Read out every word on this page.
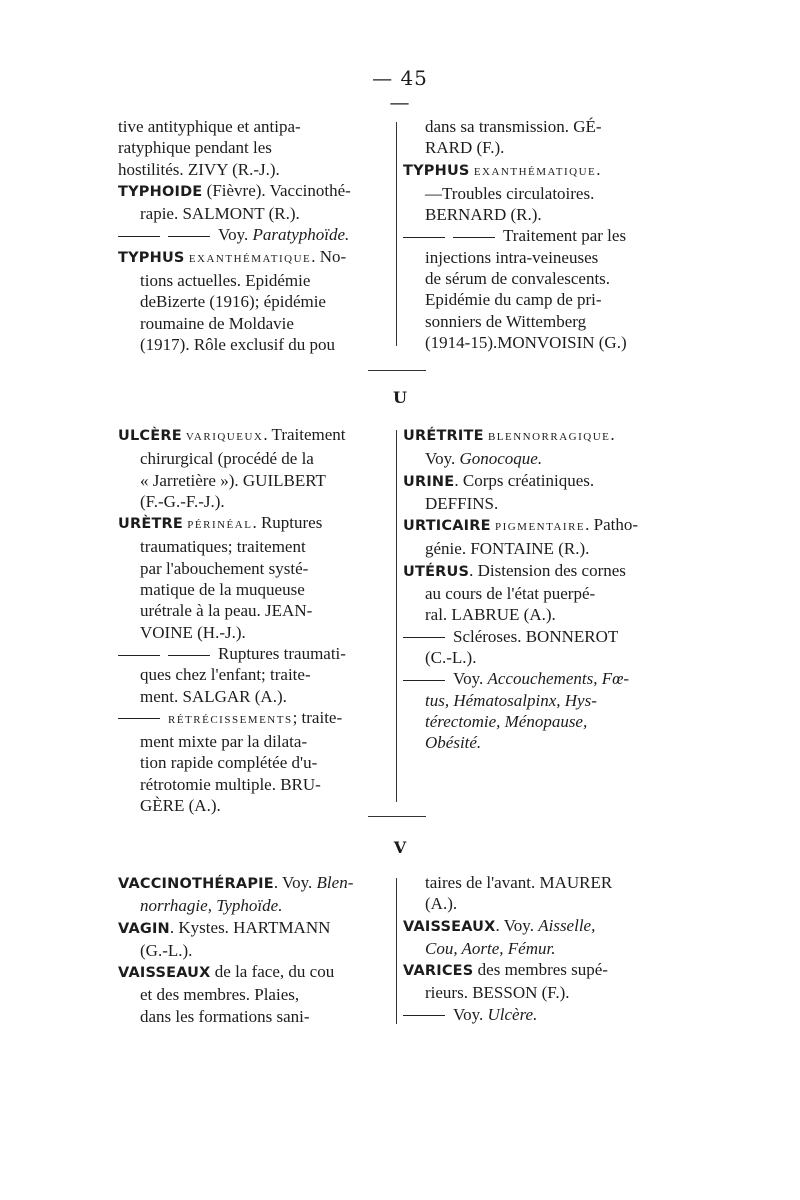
— 45 —
tive antityphique et antipa-
ratyphique pendant les
hostilités. ZIVY (R.-J.).
TYPHOIDE (Fièvre). Vaccinothé-
rapie. SALMONT (R.).
Voy. Paratyphoïde.
TYPHUS EXANTHÉMATIQUE. No-
tions actuelles. Epidémie
deBizerte (1916); épidémie
roumaine de Moldavie
(1917). Rôle exclusif du pou
dans sa transmission. GÉ-
RARD (F.).
TYPHUS EXANTHÉMATIQUE.
—Troubles circulatoires.
BERNARD (R.).
Traitement par les
injections intra-veineuses
de sérum de convalescents.
Epidémie du camp de pri-
sonniers de Wittemberg
(1914-15).MONVOISIN (G.)
U
ULCÈRE VARIQUEUX. Traitement
chirurgical (procédé de la
« Jarretière »). GUILBERT
(F.-G.-F.-J.).
URÈTRE PÉRINÉAL. Ruptures
traumatiques; traitement
par l'abouchement systé-
matique de la muqueuse
urétrale à la peau. JEAN-
VOINE (H.-J.).
Ruptures traumati-
ques chez l'enfant; traite-
ment. SALGAR (A.).
RÉTRÉCISSEMENTS; traite-
ment mixte par la dilata-
tion rapide complétée d'u-
rétrotomie multiple. BRU-
GÈRE (A.).
URÉTRITE BLENNORRAGIQUE.
Voy. Gonocoque.
URINE. Corps créatiniques.
DEFFINS.
URTICAIRE PIGMENTAIRE. Patho-
génie. FONTAINE (R.).
UTÉRUS. Distension des cornes
au cours de l'état puerpé-
ral. LABRUE (A.).
Scléroses. BONNEROT
(C.-L.).
Voy. Accouchements, Fœ-
tus, Hématosalpinx, Hys-
térectomie, Ménopause,
Obésité.
V
VACCINOTHÉRAPIE. Voy. Blen-
norrhagie, Typhoïde.
VAGIN. Kystes. HARTMANN
(G.-L.).
VAISSEAUX de la face, du cou
et des membres. Plaies,
dans les formations sani-
taires de l'avant. MAURER
(A.).
VAISSEAUX. Voy. Aisselle,
Cou, Aorte, Fémur.
VARICES des membres supé-
rieurs. BESSON (F.).
Voy. Ulcère.
